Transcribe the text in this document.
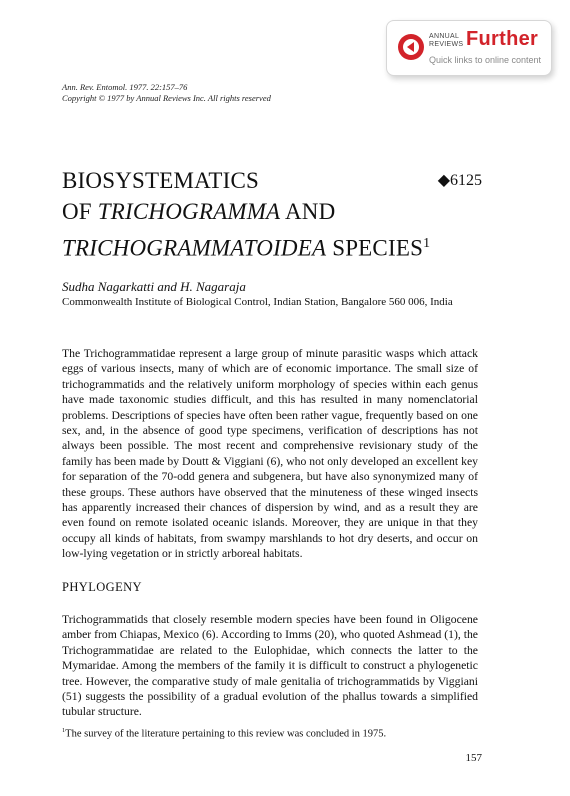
ANNUAL
REVIEWS Further
Quick links to online content
Ann. Rev. Entomol. 1977. 22:157–76
Copyright © 1977 by Annual Reviews Inc. All rights reserved
BIOSYSTEMATICS
OF TRICHOGRAMMA AND
TRICHOGRAMMATOIDEA SPECIES$^1$
◆6125
Sudha Nagarkatti and H. Nagaraja
Commonwealth Institute of Biological Control, Indian Station, Bangalore 560 006, India

The Trichogrammatidae represent a large group of minute parasitic wasps which attack eggs of various insects, many of which are of economic importance. The small size of trichogrammatids and the relatively uniform morphology of species within each genus have made taxonomic studies difficult, and this has resulted in many nomenclatorial problems. Descriptions of species have often been rather vague, frequently based on one sex, and, in the absence of good type specimens, verification of descriptions has not always been possible. The most recent and comprehensive revisionary study of the family has been made by Doutt & Viggiani (6), who not only developed an excellent key for separation of the 70-odd genera and subgenera, but have also synonymized many of these groups. These authors have observed that the minuteness of these winged insects has apparently increased their chances of dispersion by wind, and as a result they are even found on remote isolated oceanic islands. Moreover, they are unique in that they occupy all kinds of habitats, from swampy marshlands to hot dry deserts, and occur on low-lying vegetation or in strictly arboreal habitats.

PHYLOGENY

Trichogrammatids that closely resemble modern species have been found in Oligocene amber from Chiapas, Mexico (6). According to Imms (20), who quoted Ashmead (1), the Trichogrammatidae are related to the Eulophidae, which connects the latter to the Mymaridae. Among the members of the family it is difficult to construct a phylogenetic tree. However, the comparative study of male genitalia of trichogrammatids by Viggiani (51) suggests the possibility of a gradual evolution of the phallus towards a simplified tubular structure.

$^1$The survey of the literature pertaining to this review was concluded in 1975.
157
